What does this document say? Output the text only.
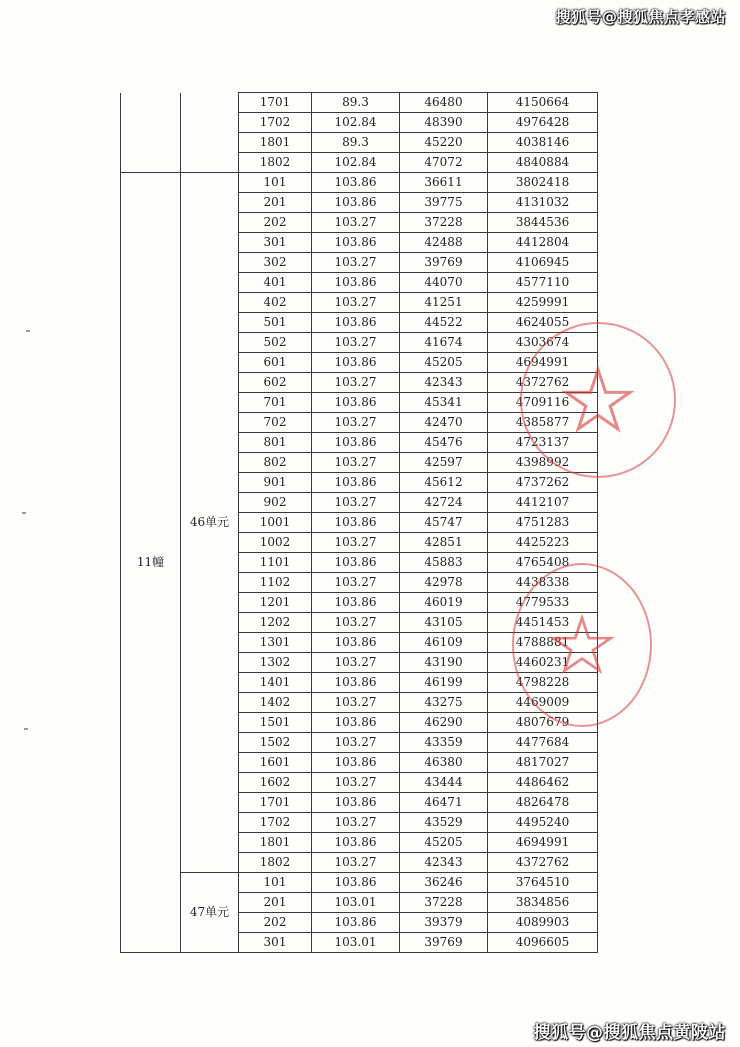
搜狐号@搜狐焦点孝感站
		1701	89.3	46480	4150664
		1702	102.84	48390	4976428
		1801	89.3	45220	4038146
		1802	102.84	47072	4840884
11幢	46单元	101	103.86	36611	3802418
		201	103.86	39775	4131032
		202	103.27	37228	3844536
		301	103.86	42488	4412804
		302	103.27	39769	4106945
		401	103.86	44070	4577110
		402	103.27	41251	4259991
		501	103.86	44522	4624055
		502	103.27	41674	4303674
		601	103.86	45205	4694991
		602	103.27	42343	4372762
		701	103.86	45341	4709116
		702	103.27	42470	4385877
		801	103.86	45476	4723137
		802	103.27	42597	4398992
		901	103.86	45612	4737262
		902	103.27	42724	4412107
		1001	103.86	45747	4751283
		1002	103.27	42851	4425223
		1101	103.86	45883	4765408
		1102	103.27	42978	4438338
		1201	103.86	46019	4779533
		1202	103.27	43105	4451453
		1301	103.86	46109	4788881
		1302	103.27	43190	4460231
		1401	103.86	46199	4798228
		1402	103.27	43275	4469009
		1501	103.86	46290	4807679
		1502	103.27	43359	4477684
		1601	103.86	46380	4817027
		1602	103.27	43444	4486462
		1701	103.86	46471	4826478
		1702	103.27	43529	4495240
		1801	103.86	45205	4694991
		1802	103.27	42343	4372762
	47单元	101	103.86	36246	3764510
		201	103.01	37228	3834856
		202	103.86	39379	4089903
		301	103.01	39769	4096605
搜狐号@搜狐焦点黄陂站
